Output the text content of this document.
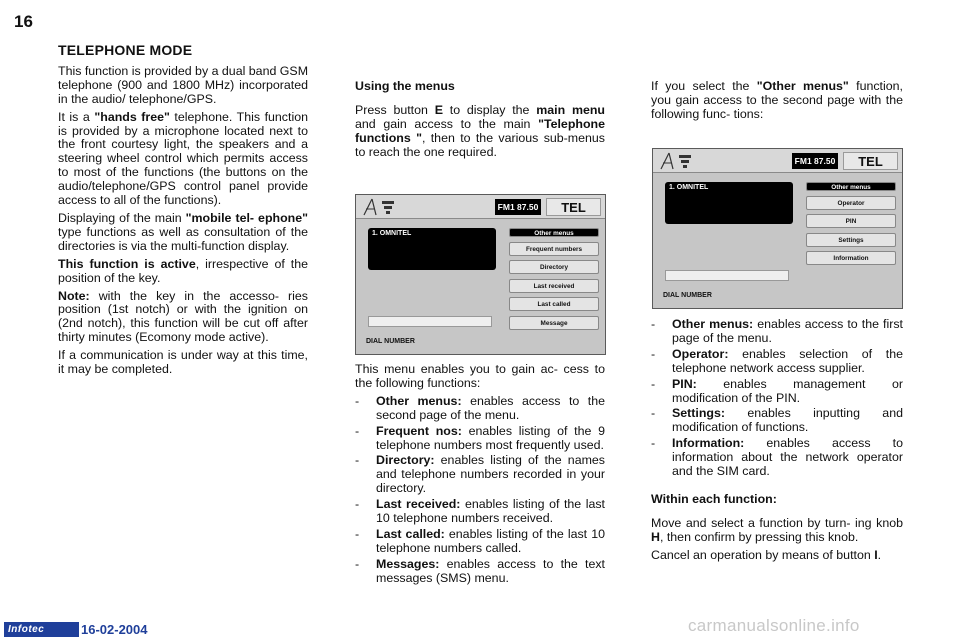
16
TELEPHONE MODE

This function is provided by a dual band GSM telephone (900 and 1800 MHz) incorporated in the audio/ telephone/GPS.

It is a "hands free" telephone. This function is provided by a microphone located next to the front courtesy light, the speakers and a steering wheel control which permits access to most of the functions (the buttons on the audio/telephone/GPS control panel provide access to all of the functions).

Displaying of the main "mobile tel- ephone" type functions as well as consultation of the directories is via the multi-function display.

This function is active, irrespective of the position of the key.

Note: with the key in the accesso- ries position (1st notch) or with the ignition on (2nd notch), this function will be cut off after thirty minutes (Ecomony mode active).

If a communication is under way at this time, it may be completed.

Using the menus

Press button E to display the main menu and gain access to the main "Telephone functions ", then to the various sub-menus to reach the one required.

This menu enables you to gain ac- cess to the following functions:

- Other menus: enables access to the second page of the menu.
- Frequent nos: enables listing of the 9 telephone numbers most frequently used.
- Directory: enables listing of the names and telephone numbers recorded in your directory.
- Last received: enables listing of the last 10 telephone numbers received.
- Last called: enables listing of the last 10 telephone numbers called.
- Messages: enables access to the text messages (SMS) menu.

If you select the "Other menus" function, you gain access to the second page with the following func- tions:

- Other menus: enables access to the first page of the menu.
- Operator: enables selection of the telephone network access supplier.
- PIN: enables management or modification of the PIN.
- Settings: enables inputting and modification of functions.
- Information: enables access to information about the network operator and the SIM card.

Within each function:

Move and select a function by turn- ing knob H, then confirm by pressing this knob.

Cancel an operation by means of button I.

FM1 87.50	TEL
1. OMNITEL	Other menus
Frequent numbers
Directory
Last received
Last called
Message
DIAL NUMBER
FM1 87.50	TEL
1. OMNITEL	Other menus
Operator
PIN
Settings
Information
DIAL NUMBER
Infotec	16-02-2004	carmanualsonline.info
